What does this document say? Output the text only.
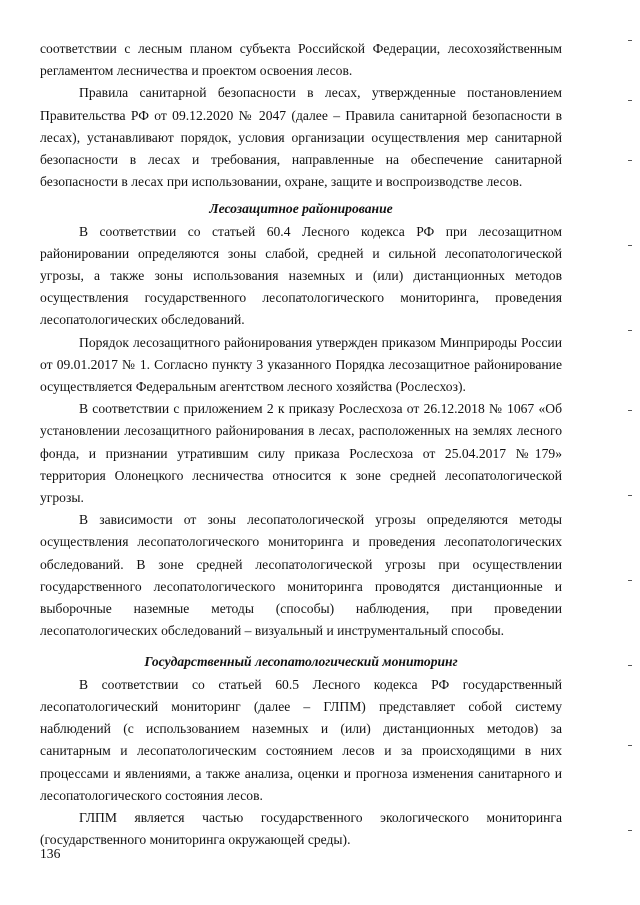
соответствии с лесным планом субъекта Российской Федерации, лесохозяйственным регламентом лесничества и проектом освоения лесов.

Правила санитарной безопасности в лесах, утвержденные постановлением Правительства РФ от 09.12.2020 № 2047 (далее – Правила санитарной безопасности в лесах), устанавливают порядок, условия организации осуществления мер санитарной безопасности в лесах и требования, направленные на обеспечение санитарной безопасности в лесах при использовании, охране, защите и воспроизводстве лесов.

Лесозащитное районирование

В соответствии со статьей 60.4 Лесного кодекса РФ при лесозащитном районировании определяются зоны слабой, средней и сильной лесопатологической угрозы, а также зоны использования наземных и (или) дистанционных методов осуществления государственного лесопатологического мониторинга, проведения лесопатологических обследований.

Порядок лесозащитного районирования утвержден приказом Минприроды России от 09.01.2017 № 1. Согласно пункту 3 указанного Порядка лесозащитное районирование осуществляется Федеральным агентством лесного хозяйства (Рослесхоз).

В соответствии с приложением 2 к приказу Рослесхоза от 26.12.2018 № 1067 «Об установлении лесозащитного районирования в лесах, расположенных на землях лесного фонда, и признании утратившим силу приказа Рослесхоза от 25.04.2017 №179» территория Олонецкого лесничества относится к зоне средней лесопатологической угрозы.

В зависимости от зоны лесопатологической угрозы определяются методы осуществления лесопатологического мониторинга и проведения лесопатологических обследований. В зоне средней лесопатологической угрозы при осуществлении государственного лесопатологического мониторинга проводятся дистанционные и выборочные наземные методы (способы) наблюдения, при проведении лесопатологических обследований – визуальный и инструментальный способы.

Государственный лесопатологический мониторинг

В соответствии со статьей 60.5 Лесного кодекса РФ государственный лесопатологический мониторинг (далее – ГЛПМ) представляет собой систему наблюдений (с использованием наземных и (или) дистанционных методов) за санитарным и лесопатологическим состоянием лесов и за происходящими в них процессами и явлениями, а также анализа, оценки и прогноза изменения санитарного и лесопатологического состояния лесов.

ГЛПМ является частью государственного экологического мониторинга (государственного мониторинга окружающей среды).

136
